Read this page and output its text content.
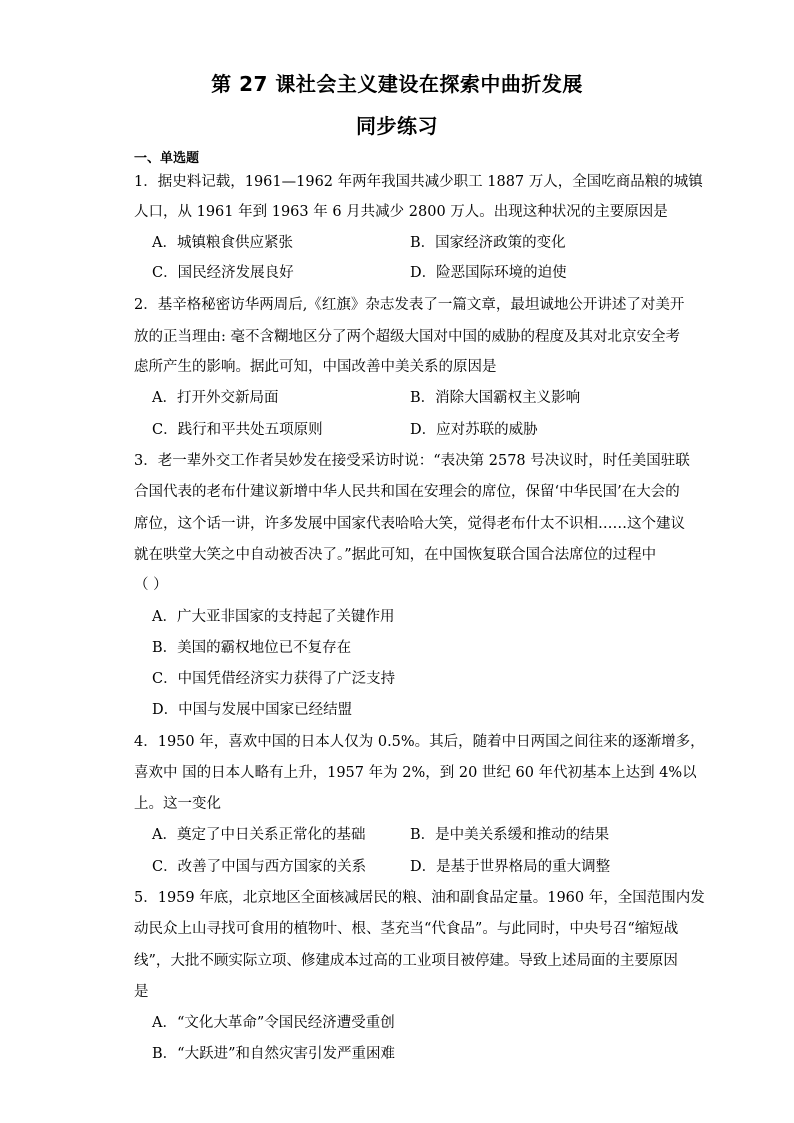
第 27 课社会主义建设在探索中曲折发展
同步练习
一、单选题
1．据史料记载，1961—1962 年两年我国共减少职工 1887 万人，全国吃商品粮的城镇
人口，从 1961 年到 1963 年 6 月共减少 2800 万人。出现这种状况的主要原因是
A．城镇粮食供应紧张	B．国家经济政策的变化
C．国民经济发展良好	D．险恶国际环境的迫使
2．基辛格秘密访华两周后,《红旗》杂志发表了一篇文章，最坦诚地公开讲述了对美开
放的正当理由: 毫不含糊地区分了两个超级大国对中国的威胁的程度及其对北京安全考
虑所产生的影响。据此可知，中国改善中美关系的原因是
A．打开外交新局面	B．消除大国霸权主义影响
C．践行和平共处五项原则	D．应对苏联的威胁
3．老一辈外交工作者吴妙发在接受采访时说：“表决第 2578 号决议时，时任美国驻联
合国代表的老布什建议新增中华人民共和国在安理会的席位，保留‘中华民国’在大会的
席位，这个话一讲，许多发展中国家代表哈哈大笑，觉得老布什太不识相……这个建议
就在哄堂大笑之中自动被否决了。”据此可知，在中国恢复联合国合法席位的过程中
（ ）
A．广大亚非国家的支持起了关键作用
B．美国的霸权地位已不复存在
C．中国凭借经济实力获得了广泛支持
D．中国与发展中国家已经结盟
4．1950 年，喜欢中国的日本人仅为 0.5%。其后，随着中日两国之间往来的逐渐增多，
喜欢中 国的日本人略有上升，1957 年为 2%，到 20 世纪 60 年代初基本上达到 4%以
上。这一变化
A．奠定了中日关系正常化的基础	B．是中美关系缓和推动的结果
C．改善了中国与西方国家的关系	D．是基于世界格局的重大调整
5．1959 年底，北京地区全面核减居民的粮、油和副食品定量。1960 年，全国范围内发
动民众上山寻找可食用的植物叶、根、茎充当“代食品”。与此同时，中央号召“缩短战
线”，大批不顾实际立项、修建成本过高的工业项目被停建。导致上述局面的主要原因
是
A．“文化大革命”令国民经济遭受重创
B．“大跃进”和自然灾害引发严重困难
